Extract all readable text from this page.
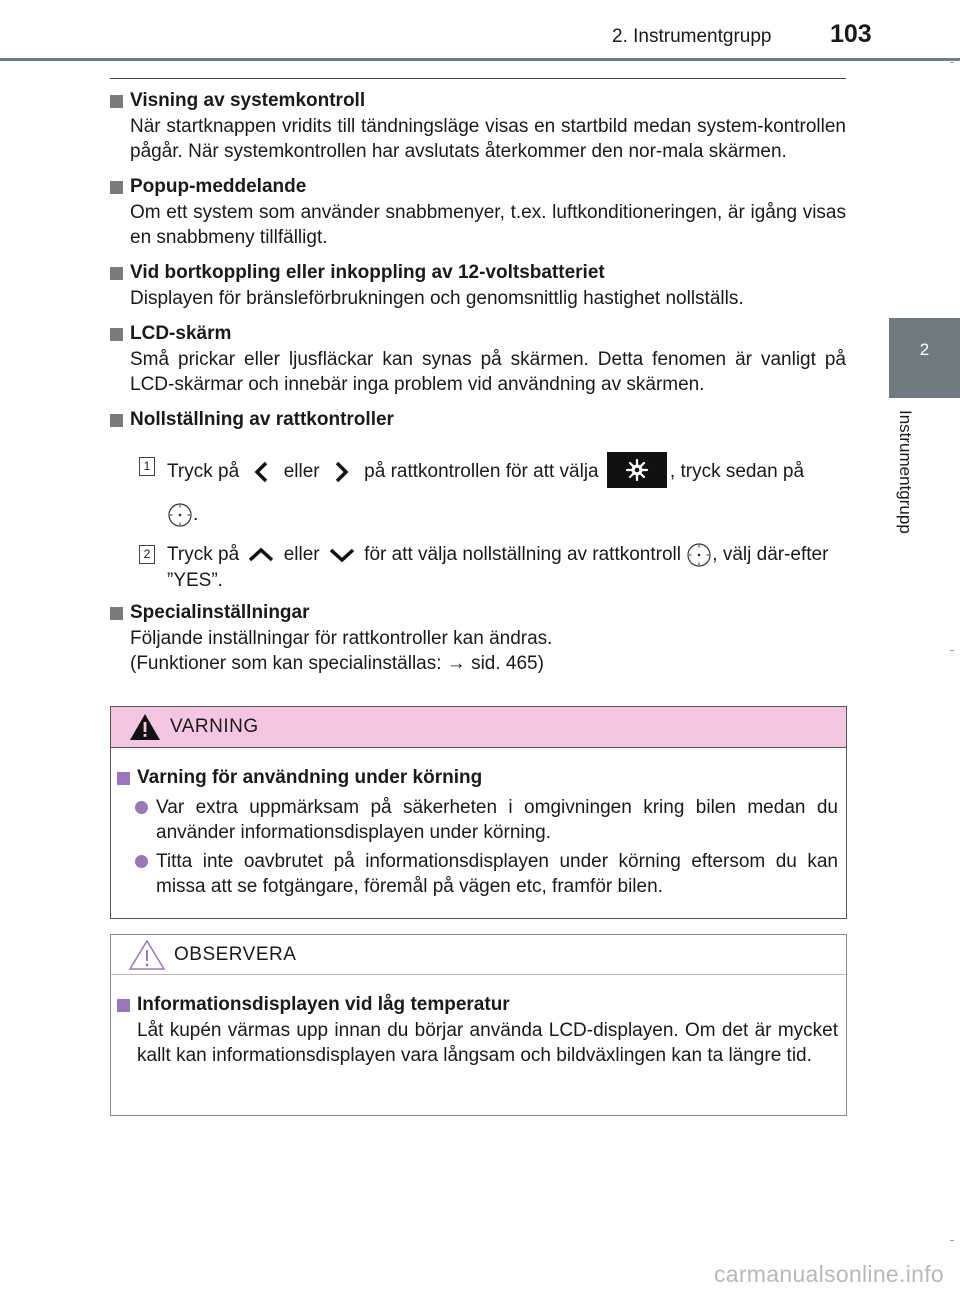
2. Instrumentgrupp 103
2
Instrumentgrupp
Visning av systemkontroll
När startknappen vridits till tändningsläge visas en startbild medan system-kontrollen pågår. När systemkontrollen har avslutats återkommer den nor-mala skärmen.
Popup-meddelande
Om ett system som använder snabbmenyer, t.ex. luftkonditioneringen, är igång visas en snabbmeny tillfälligt.
Vid bortkoppling eller inkoppling av 12-voltsbatteriet
Displayen för bränsleförbrukningen och genomsnittlig hastighet nollställs.
LCD-skärm
Små prickar eller ljusfläckar kan synas på skärmen. Detta fenomen är vanligt på LCD-skärmar och innebär inga problem vid användning av skärmen.
Nollställning av rattkontroller
1 Tryck på eller på rattkontrollen för att välja	, tryck sedan på
.
2 Tryck på eller för att välja nollställning av rattkontroll , välj där-efter ”YES”.
Specialinställningar
Följande inställningar för rattkontroller kan ändras.
(Funktioner som kan specialinställas: → sid. 465)
VARNING
Varning för användning under körning
Var extra uppmärksam på säkerheten i omgivningen kring bilen medan du använder informationsdisplayen under körning.
Titta inte oavbrutet på informationsdisplayen under körning eftersom du kan missa att se fotgängare, föremål på vägen etc, framför bilen.
OBSERVERA
Informationsdisplayen vid låg temperatur
Låt kupén värmas upp innan du börjar använda LCD-displayen. Om det är mycket kallt kan informationsdisplayen vara långsam och bildväxlingen kan ta längre tid.
carmanualsonline.info
